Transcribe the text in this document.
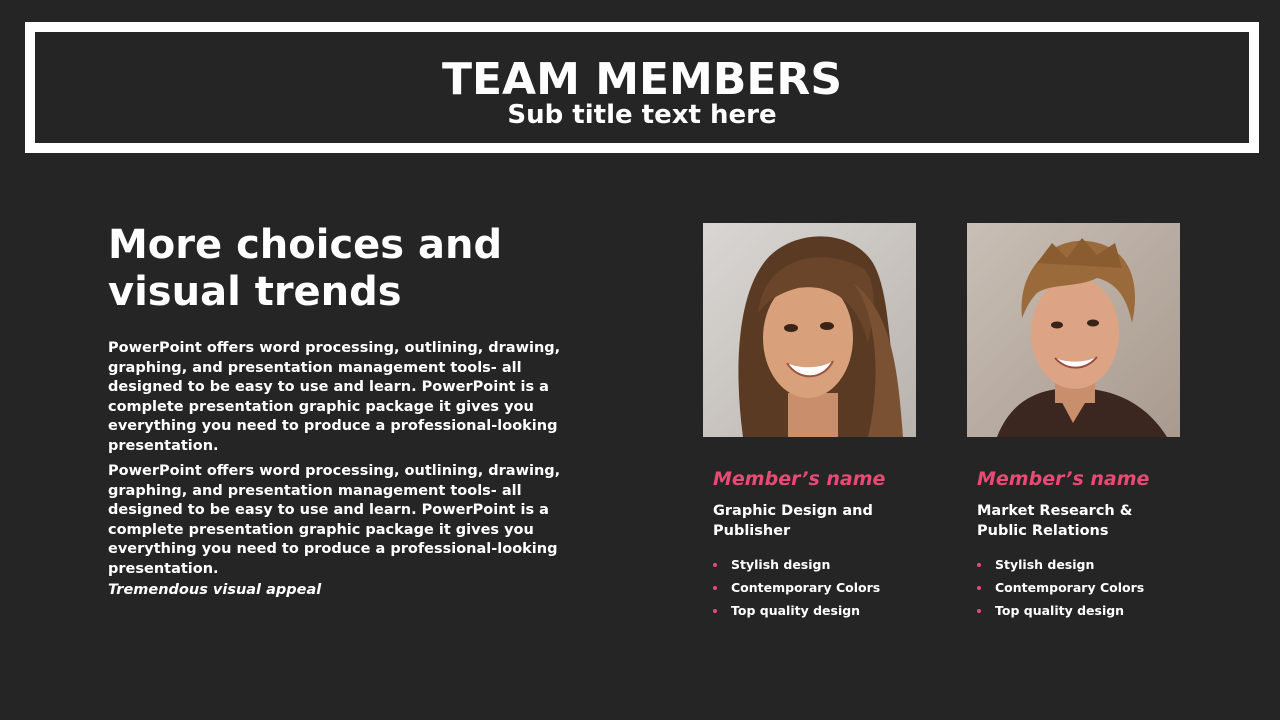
TEAM MEMBERS
Sub title text here
More choices and visual trends

PowerPoint offers word processing, outlining, drawing, graphing, and presentation management tools- all designed to be easy to use and learn. PowerPoint is a complete presentation graphic package it gives you everything you need to produce a professional-looking presentation.

PowerPoint offers word processing, outlining, drawing, graphing, and presentation management tools- all designed to be easy to use and learn. PowerPoint is a complete presentation graphic package it gives you everything you need to produce a professional-looking presentation.

Tremendous visual appeal

Member’s name
Graphic Design and Publisher
Stylish design
Contemporary Colors
Top quality design
Member’s name
Market Research & Public Relations
Stylish design
Contemporary Colors
Top quality design
